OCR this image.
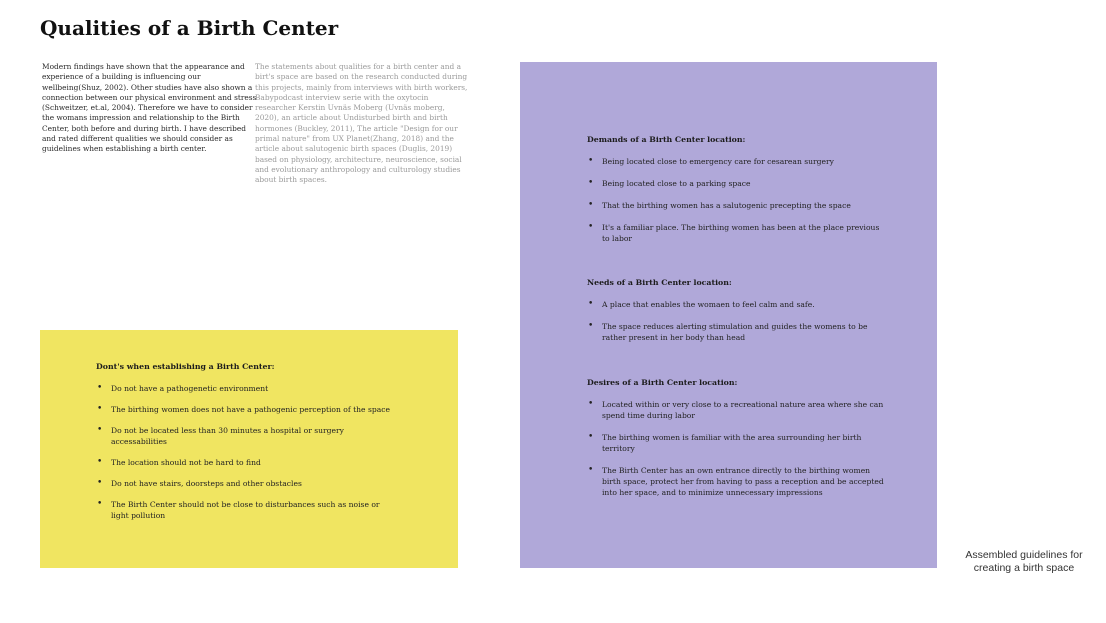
Qualities of a Birth Center

Modern findings have shown that the appearance and experience of a building is influencing our wellbeing(Shuz, 2002). Other studies have also shown a connection between our physical environment and stress (Schweitzer, et.al, 2004). Therefore we have to consider the womans impression and relationship to the Birth Center, both before and during birth. I have described and rated different qualities we should consider as guidelines when establishing a birth center.

The statements about qualities for a birth center and a birt's space are based on the research conducted during this projects, mainly from interviews with birth workers, Babypodcast interview serie with the oxytocin researcher Kerstin Uvnäs Moberg (Uvnäs moberg, 2020), an article about Undisturbed birth and birth hormones (Buckley, 2011), The article "Design for our primal nature" from UX Planet(Zhang, 2018) and the article about salutogenic birth spaces (Duglis, 2019) based on physiology, architecture, neuroscience, social and evolutionary anthropology and culturology studies about birth spaces.

Dont's when establishing a Birth Center:
• Do not have a pathogenetic environment
• The birthing women does not have a pathogenic perception of the space
• Do not be located less than 30 minutes a hospital or surgery accessabilities
• The location should not be hard to find
• Do not have stairs, doorsteps and other obstacles
• The Birth Center should not be close to disturbances such as noise or light pollution
Demands of a Birth Center location:
• Being located close to emergency care for cesarean surgery
• Being located close to a parking space
• That the birthing women has a salutogenic precepting the space
• It's a familiar place. The birthing women has been at the place previous to labor
Needs of a Birth Center location:
• A place that enables the womаen to feel calm and safe.
• The space reduces alerting stimulation and guides the womens to be rather present in her body than head
Desires of a Birth Center location:
• Located within or very close to a recreational nature area where she can spend time during labor
• The birthing women is familiar with the area surrounding her birth territory
• The Birth Center has an own entrance directly to the birthing women birth space, protect her from having to pass a reception and be accepted into her space, and to minimize unnecessary impressions

Assembled guidelines for creating a birth space
